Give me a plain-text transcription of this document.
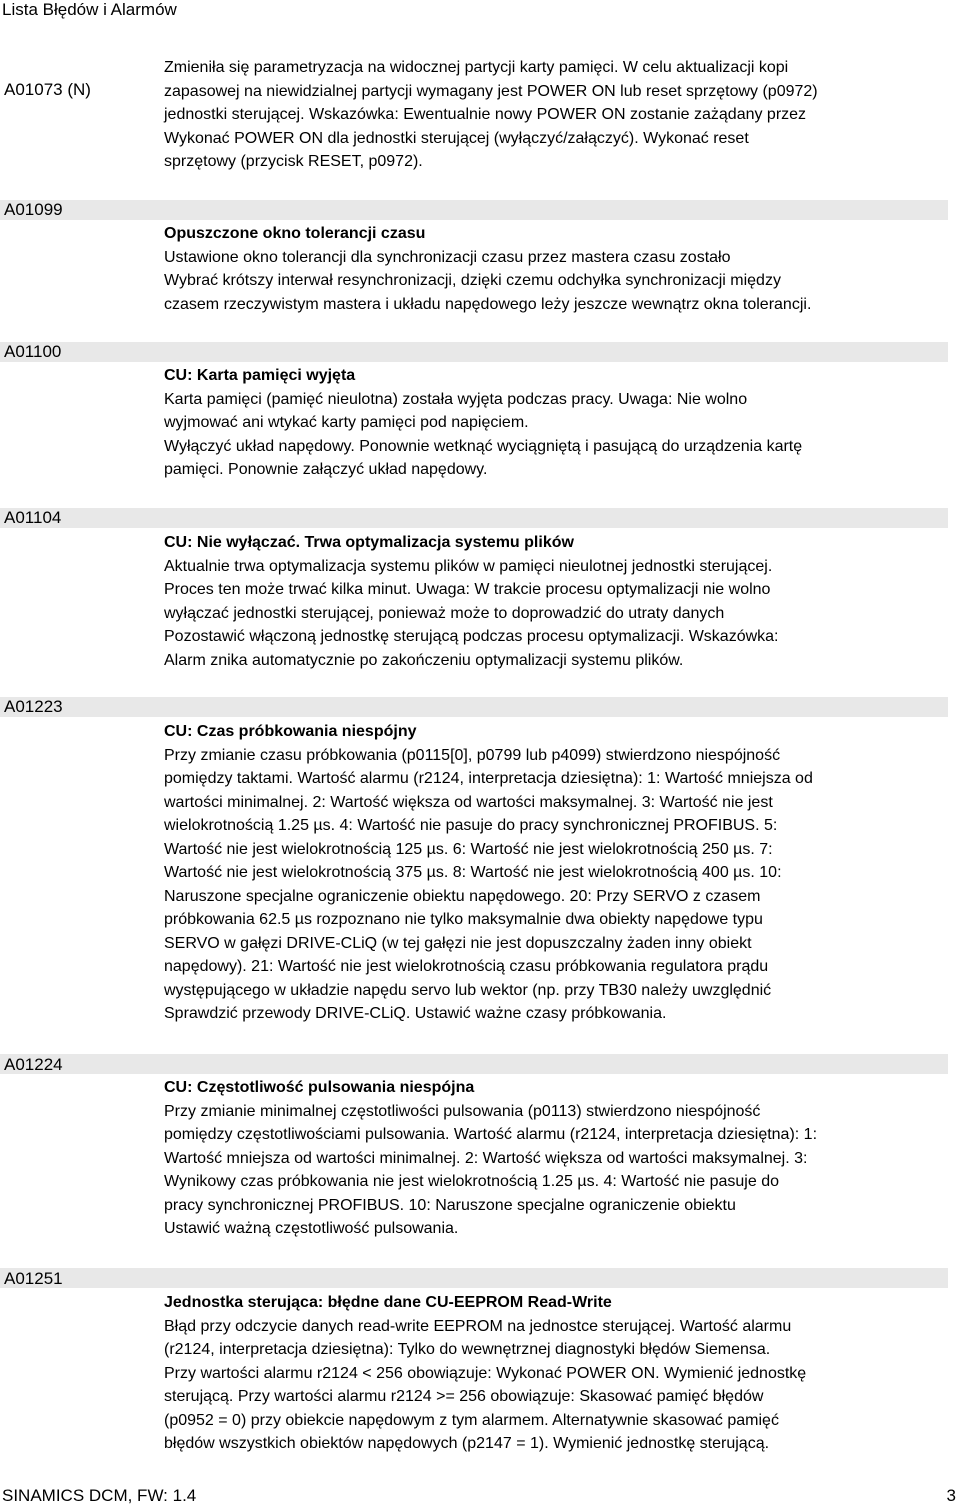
Lista Błędów i Alarmów
A01073 (N)
Zmieniła się parametryzacja na widocznej partycji karty pamięci. W celu aktualizacji kopi
zapasowej na niewidzialnej partycji wymagany jest POWER ON lub reset sprzętowy (p0972)
jednostki sterującej. Wskazówka: Ewentualnie nowy POWER ON zostanie zażądany przez
Wykonać POWER ON dla jednostki sterującej (wyłączyć/załączyć). Wykonać reset
sprzętowy (przycisk RESET, p0972).
A01099
Opuszczone okno tolerancji czasu
Ustawione okno tolerancji dla synchronizacji czasu przez mastera czasu zostało
Wybrać krótszy interwał resynchronizacji, dzięki czemu odchyłka synchronizacji między
czasem rzeczywistym mastera i układu napędowego leży jeszcze wewnątrz okna tolerancji.
A01100
CU: Karta pamięci wyjęta
Karta pamięci (pamięć nieulotna) została wyjęta podczas pracy. Uwaga: Nie wolno
wyjmować ani wtykać karty pamięci pod napięciem.
Wyłączyć układ napędowy. Ponownie wetknąć wyciągniętą i pasującą do urządzenia kartę
pamięci. Ponownie załączyć układ napędowy.
A01104
CU: Nie wyłączać. Trwa optymalizacja systemu plików
Aktualnie trwa optymalizacja systemu plików w pamięci nieulotnej jednostki sterującej.
Proces ten może trwać kilka minut. Uwaga: W trakcie procesu optymalizacji nie wolno
wyłączać jednostki sterującej, ponieważ może to doprowadzić do utraty danych
Pozostawić włączoną jednostkę sterującą podczas procesu optymalizacji. Wskazówka:
Alarm znika automatycznie po zakończeniu optymalizacji systemu plików.
A01223
CU: Czas próbkowania niespójny
Przy zmianie czasu próbkowania (p0115[0], p0799 lub p4099) stwierdzono niespójność
pomiędzy taktami. Wartość alarmu (r2124, interpretacja dziesiętna): 1: Wartość mniejsza od
wartości minimalnej. 2: Wartość większa od wartości maksymalnej. 3: Wartość nie jest
wielokrotnością 1.25 µs. 4: Wartość nie pasuje do pracy synchronicznej PROFIBUS. 5:
Wartość nie jest wielokrotnością 125 µs. 6: Wartość nie jest wielokrotnością 250 µs. 7:
Wartość nie jest wielokrotnością 375 µs. 8: Wartość nie jest wielokrotnością 400 µs. 10:
Naruszone specjalne ograniczenie obiektu napędowego. 20: Przy SERVO z czasem
próbkowania 62.5 µs rozpoznano nie tylko maksymalnie dwa obiekty napędowe typu
SERVO w gałęzi DRIVE-CLiQ (w tej gałęzi nie jest dopuszczalny żaden inny obiekt
napędowy). 21: Wartość nie jest wielokrotnością czasu próbkowania regulatora prądu
występującego w układzie napędu servo lub wektor (np. przy TB30 należy uwzględnić
Sprawdzić przewody DRIVE-CLiQ. Ustawić ważne czasy próbkowania.
A01224
CU: Częstotliwość pulsowania niespójna
Przy zmianie minimalnej częstotliwości pulsowania (p0113) stwierdzono niespójność
pomiędzy częstotliwościami pulsowania. Wartość alarmu (r2124, interpretacja dziesiętna): 1:
Wartość mniejsza od wartości minimalnej. 2: Wartość większa od wartości maksymalnej. 3:
Wynikowy czas próbkowania nie jest wielokrotnością 1.25 µs. 4: Wartość nie pasuje do
pracy synchronicznej PROFIBUS. 10: Naruszone specjalne ograniczenie obiektu
Ustawić ważną częstotliwość pulsowania.
A01251
Jednostka sterująca: błędne dane CU-EEPROM Read-Write
Błąd przy odczycie danych read-write EEPROM na jednostce sterującej. Wartość alarmu
(r2124, interpretacja dziesiętna): Tylko do wewnętrznej diagnostyki błędów Siemensa.
Przy wartości alarmu r2124 < 256 obowiązuje: Wykonać POWER ON. Wymienić jednostkę
sterującą. Przy wartości alarmu r2124 >= 256 obowiązuje: Skasować pamięć błędów
(p0952 = 0) przy obiekcie napędowym z tym alarmem. Alternatywnie skasować pamięć
błędów wszystkich obiektów napędowych (p2147 = 1). Wymienić jednostkę sterującą.
SINAMICS DCM, FW: 1.4	3
